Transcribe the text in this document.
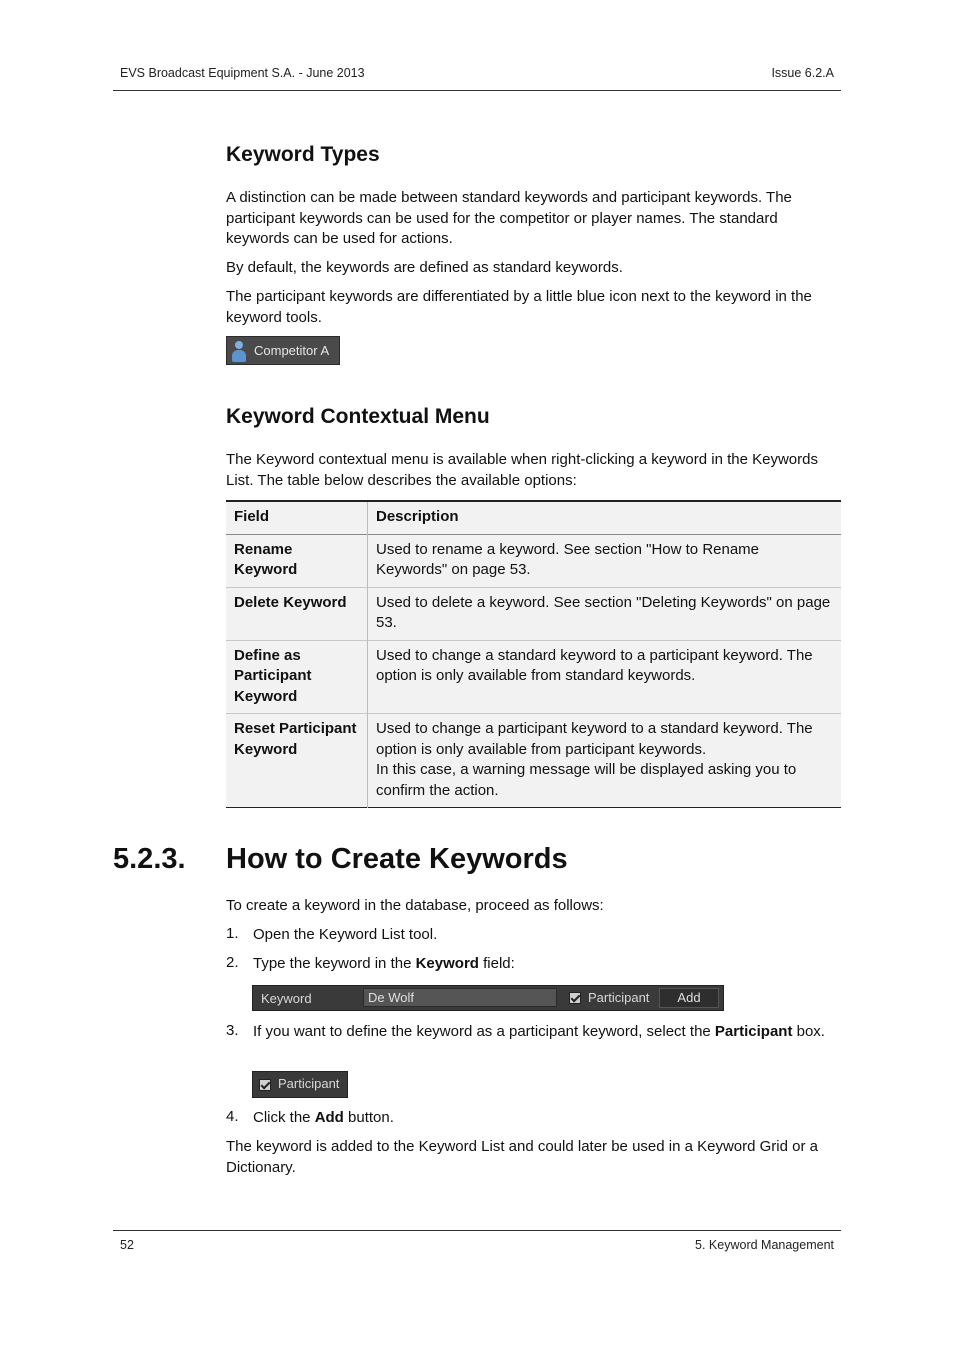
EVS Broadcast Equipment S.A. - June 2013	Issue 6.2.A
Keyword Types

A distinction can be made between standard keywords and participant keywords. The participant keywords can be used for the competitor or player names. The standard keywords can be used for actions.

By default, the keywords are defined as standard keywords.

The participant keywords are differentiated by a little blue icon next to the keyword in the keyword tools.

Competitor A
Keyword Contextual Menu

The Keyword contextual menu is available when right-clicking a keyword in the Keywords List. The table below describes the available options:

Field	Description
Rename Keyword	Used to rename a keyword. See section "How to Rename Keywords" on page 53.
Delete Keyword	Used to delete a keyword. See section "Deleting Keywords" on page 53.
Define as Participant Keyword	Used to change a standard keyword to a participant keyword. The option is only available from standard keywords.
Reset Participant Keyword	Used to change a participant keyword to a standard keyword. The option is only available from participant keywords.
In this case, a warning message will be displayed asking you to confirm the action.
5.2.3. How to Create Keywords

To create a keyword in the database, proceed as follows:

1. Open the Keyword List tool.

2. Type the keyword in the Keyword field:

Keyword	De Wolf	Participant	Add
3. If you want to define the keyword as a participant keyword, select the Participant box.

Participant
4. Click the Add button.

The keyword is added to the Keyword List and could later be used in a Keyword Grid or a Dictionary.

52	5. Keyword Management
